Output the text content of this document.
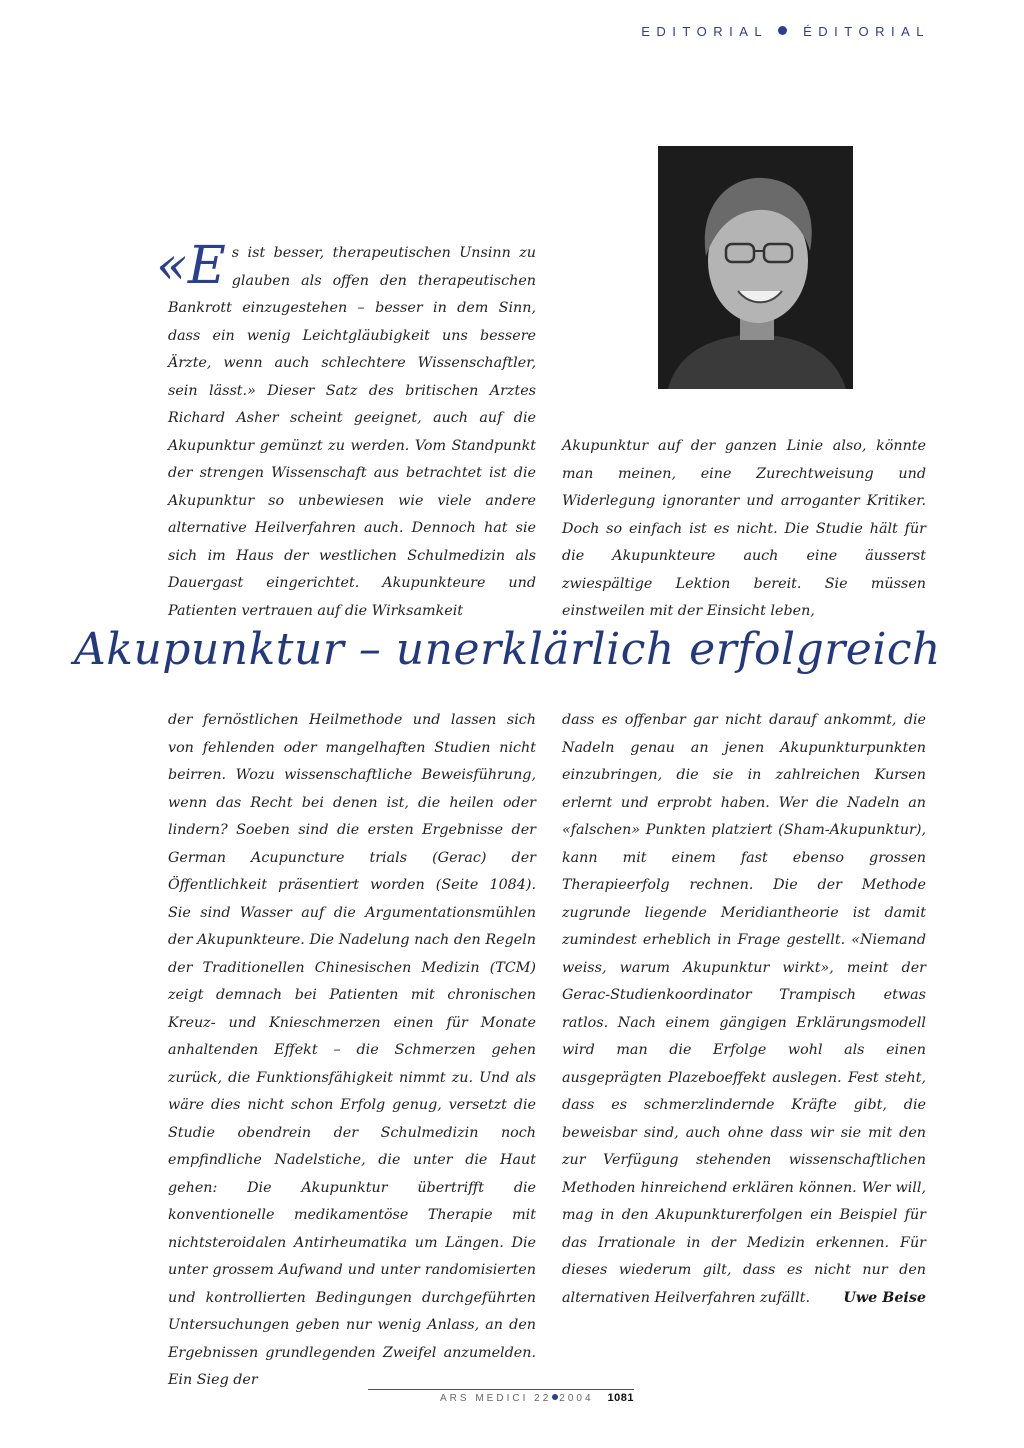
EDITORIAL	ÉDITORIAL
«Es ist besser, therapeutischen Unsinn zu glauben als offen den therapeutischen Bankrott einzugestehen – besser in dem Sinn, dass ein wenig Leichtgläubigkeit uns bessere Ärzte, wenn auch schlechtere Wissenschaftler, sein lässt.» Dieser Satz des britischen Arztes Richard Asher scheint geeignet, auch auf die Akupunktur gemünzt zu werden. Vom Standpunkt der strengen Wissenschaft aus betrachtet ist die Akupunktur so unbewiesen wie viele andere alternative Heilverfahren auch. Dennoch hat sie sich im Haus der westlichen Schulmedizin als Dauergast eingerichtet. Akupunkteure und Patienten vertrauen auf die Wirksamkeit

Akupunktur auf der ganzen Linie also, könnte man meinen, eine Zurechtweisung und Widerlegung ignoranter und arroganter Kritiker. Doch so einfach ist es nicht. Die Studie hält für die Akupunkteure auch eine äusserst zwiespältige Lektion bereit. Sie müssen einstweilen mit der Einsicht leben,

Akupunktur – unerklärlich erfolgreich

der fernöstlichen Heilmethode und lassen sich von fehlenden oder mangelhaften Studien nicht beirren. Wozu wissenschaftliche Beweisführung, wenn das Recht bei denen ist, die heilen oder lindern? Soeben sind die ersten Ergebnisse der German Acupuncture trials (Gerac) der Öffentlichkeit präsentiert worden (Seite 1084). Sie sind Wasser auf die Argumentationsmühlen der Akupunkteure. Die Nadelung nach den Regeln der Traditionellen Chinesischen Medizin (TCM) zeigt demnach bei Patienten mit chronischen Kreuz- und Knieschmerzen einen für Monate anhaltenden Effekt – die Schmerzen gehen zurück, die Funktionsfähigkeit nimmt zu. Und als wäre dies nicht schon Erfolg genug, versetzt die Studie obendrein der Schulmedizin noch empfindliche Nadelstiche, die unter die Haut gehen: Die Akupunktur übertrifft die konventionelle medikamentöse Therapie mit nichtsteroidalen Antirheumatika um Längen. Die unter grossem Aufwand und unter randomisierten und kontrollierten Bedingungen durchgeführten Untersuchungen geben nur wenig Anlass, an den Ergebnissen grundlegenden Zweifel anzumelden. Ein Sieg der

dass es offenbar gar nicht darauf ankommt, die Nadeln genau an jenen Akupunkturpunkten einzubringen, die sie in zahlreichen Kursen erlernt und erprobt haben. Wer die Nadeln an «falschen» Punkten platziert (Sham-Akupunktur), kann mit einem fast ebenso grossen Therapieerfolg rechnen. Die der Methode zugrunde liegende Meridiantheorie ist damit zumindest erheblich in Frage gestellt. «Niemand weiss, warum Akupunktur wirkt», meint der Gerac-Studienkoordinator Trampisch etwas ratlos. Nach einem gängigen Erklärungsmodell wird man die Erfolge wohl als einen ausgeprägten Plazeboeffekt auslegen. Fest steht, dass es schmerzlindernde Kräfte gibt, die beweisbar sind, auch ohne dass wir sie mit den zur Verfügung stehenden wissenschaftlichen Methoden hinreichend erklären können. Wer will, mag in den Akupunkturerfolgen ein Beispiel für das Irrationale in der Medizin erkennen. Für dieses wiederum gilt, dass es nicht nur den alternativen Heilverfahren zufällt.	Uwe Beise
ARS MEDICI 22 2004 1081
